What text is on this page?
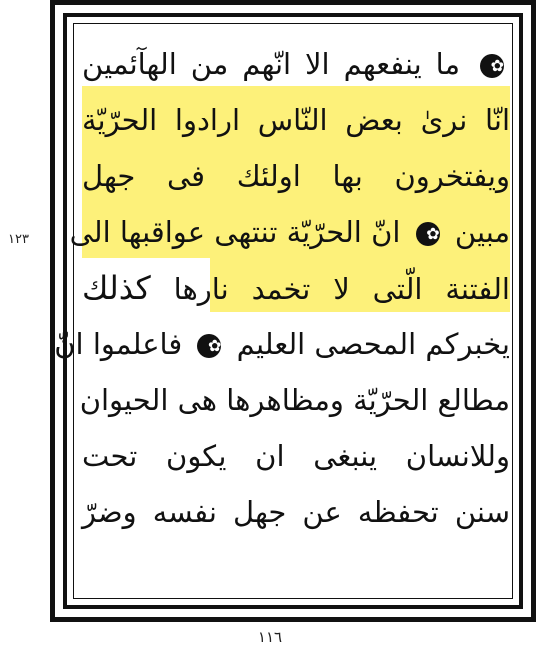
١٢٣
✿ ما ينفعهم الا انّهم من الهآئمين
انّا نرىٰ بعض النّاس ارادوا الحرّيّة
ويفتخرون بها اولئك فى جهل
مبين ✿ انّ الحرّيّة تنتهى عواقبها الى
الفتنة الّتى لا تخمد نارها كذلك
يخبركم المحصى العليم ✿ فاعلموا انّ
مطالع الحرّيّة ومظاهرها هى الحيوان
وللانسان ينبغى ان يكون تحت
سنن تحفظه عن جهل نفسه وضرّ
١١٦
